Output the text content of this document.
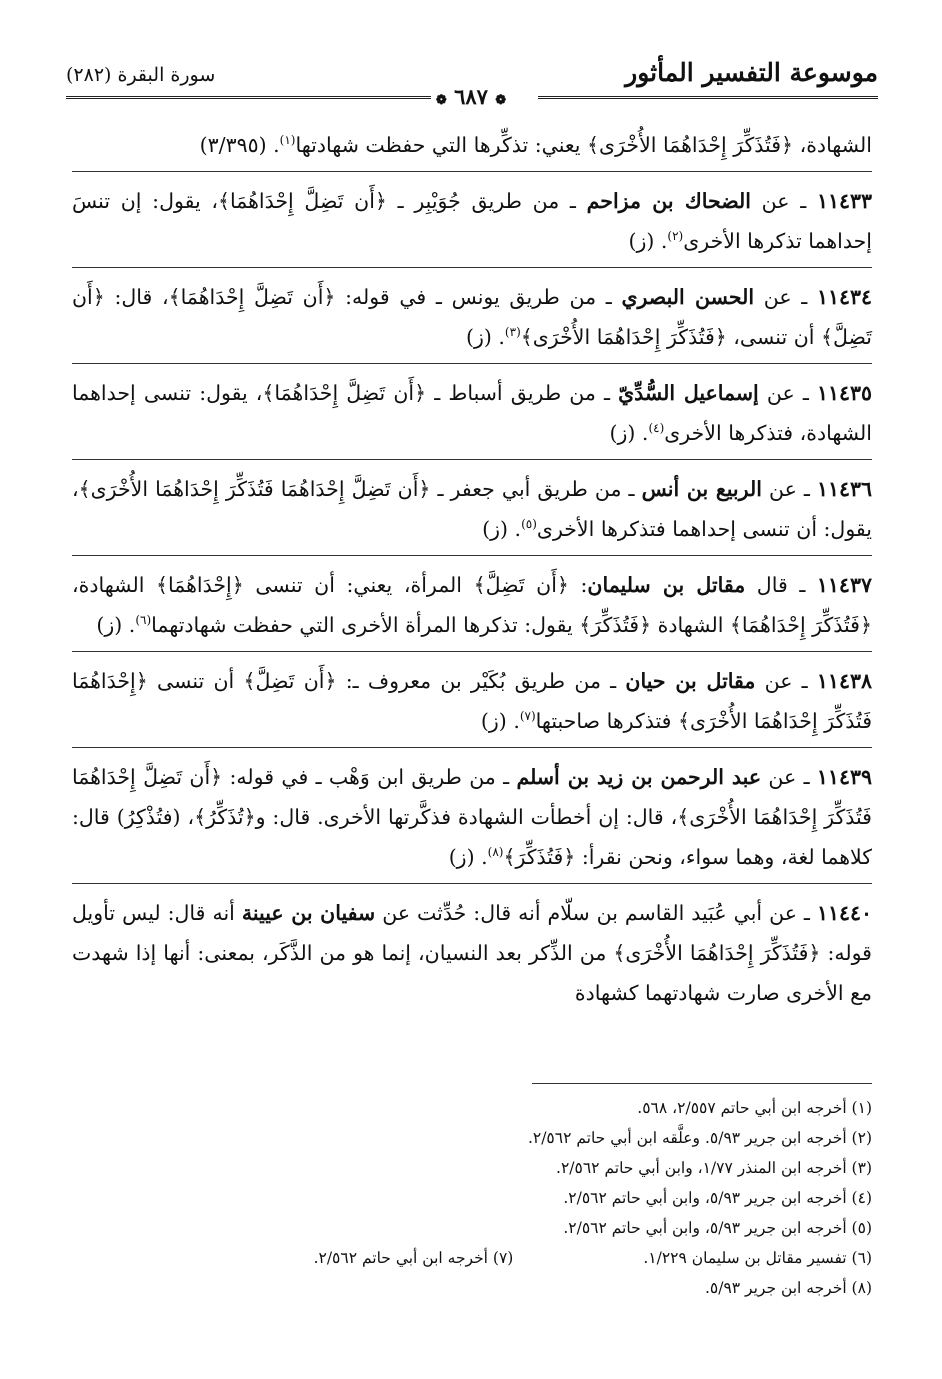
موسوعة التفسير المأثور
سورة البقرة (٢٨٢)
❁ ٦٨٧ ❁

الشهادة، ﴿فَتُذَكِّرَ إِحْدَاهُمَا الأُخْرَى﴾ يعني: تذكِّرها التي حفظت شهادتها$^{(١)}$. (٣/٣٩٥)

١١٤٣٣ ـ عن الضحاك بن مزاحم ـ من طريق جُوَيْبِر ـ ﴿أَن تَضِلَّ إِحْدَاهُمَا﴾، يقول: إن تنسَ إحداهما تذكرها الأخرى$^{(٢)}$. (ز)

١١٤٣٤ ـ عن الحسن البصري ـ من طريق يونس ـ في قوله: ﴿أَن تَضِلَّ إِحْدَاهُمَا﴾، قال: ﴿أَن تَضِلَّ﴾ أن تنسى، ﴿فَتُذَكِّرَ إِحْدَاهُمَا الأُخْرَى﴾$^{(٣)}$. (ز)

١١٤٣٥ ـ عن إسماعيل السُّدِّيّ ـ من طريق أسباط ـ ﴿أَن تَضِلَّ إِحْدَاهُمَا﴾، يقول: تنسى إحداهما الشهادة، فتذكرها الأخرى$^{(٤)}$. (ز)

١١٤٣٦ ـ عن الربيع بن أنس ـ من طريق أبي جعفر ـ ﴿أَن تَضِلَّ إِحْدَاهُمَا فَتُذَكِّرَ إِحْدَاهُمَا الأُخْرَى﴾، يقول: أن تنسى إحداهما فتذكرها الأخرى$^{(٥)}$. (ز)

١١٤٣٧ ـ قال مقاتل بن سليمان: ﴿أَن تَضِلَّ﴾ المرأة، يعني: أن تنسى ﴿إِحْدَاهُمَا﴾ الشهادة، ﴿فَتُذَكِّرَ إِحْدَاهُمَا﴾ الشهادة ﴿فَتُذَكِّرَ﴾ يقول: تذكرها المرأة الأخرى التي حفظت شهادتهما$^{(٦)}$. (ز)

١١٤٣٨ ـ عن مقاتل بن حيان ـ من طريق بُكَيْر بن معروف ـ: ﴿أَن تَضِلَّ﴾ أن تنسى ﴿إِحْدَاهُمَا فَتُذَكِّرَ إِحْدَاهُمَا الأُخْرَى﴾ فتذكرها صاحبتها$^{(٧)}$. (ز)

١١٤٣٩ ـ عن عبد الرحمن بن زيد بن أسلم ـ من طريق ابن وَهْب ـ في قوله: ﴿أَن تَضِلَّ إِحْدَاهُمَا فَتُذَكِّرَ إِحْدَاهُمَا الأُخْرَى﴾، قال: إن أخطأت الشهادة فذكَّرتها الأخرى. قال: و﴿تُذَكِّرُ﴾، (فتُذْكِرُ) قال: كلاهما لغة، وهما سواء، ونحن نقرأ: ﴿فَتُذَكِّرَ﴾$^{(٨)}$. (ز)

١١٤٤٠ ـ عن أبي عُبَيد القاسم بن سلّام أنه قال: حُدِّثت عن سفيان بن عيينة أنه قال: ليس تأويل قوله: ﴿فَتُذَكِّرَ إِحْدَاهُمَا الأُخْرَى﴾ من الذِّكر بعد النسيان، إنما هو من الذَّكَر، بمعنى: أنها إذا شهدت مع الأخرى صارت شهادتهما كشهادة

(١) أخرجه ابن أبي حاتم ٢/٥٥٧، ٥٦٨.
(٢) أخرجه ابن جرير ٥/٩٣. وعلَّقه ابن أبي حاتم ٢/٥٦٢.
(٣) أخرجه ابن المنذر ١/٧٧، وابن أبي حاتم ٢/٥٦٢.
(٤) أخرجه ابن جرير ٥/٩٣، وابن أبي حاتم ٢/٥٦٢.
(٥) أخرجه ابن جرير ٥/٩٣، وابن أبي حاتم ٢/٥٦٢.
(٦) تفسير مقاتل بن سليمان ١/٢٢٩.
(٧) أخرجه ابن أبي حاتم ٢/٥٦٢.
(٨) أخرجه ابن جرير ٥/٩٣.
